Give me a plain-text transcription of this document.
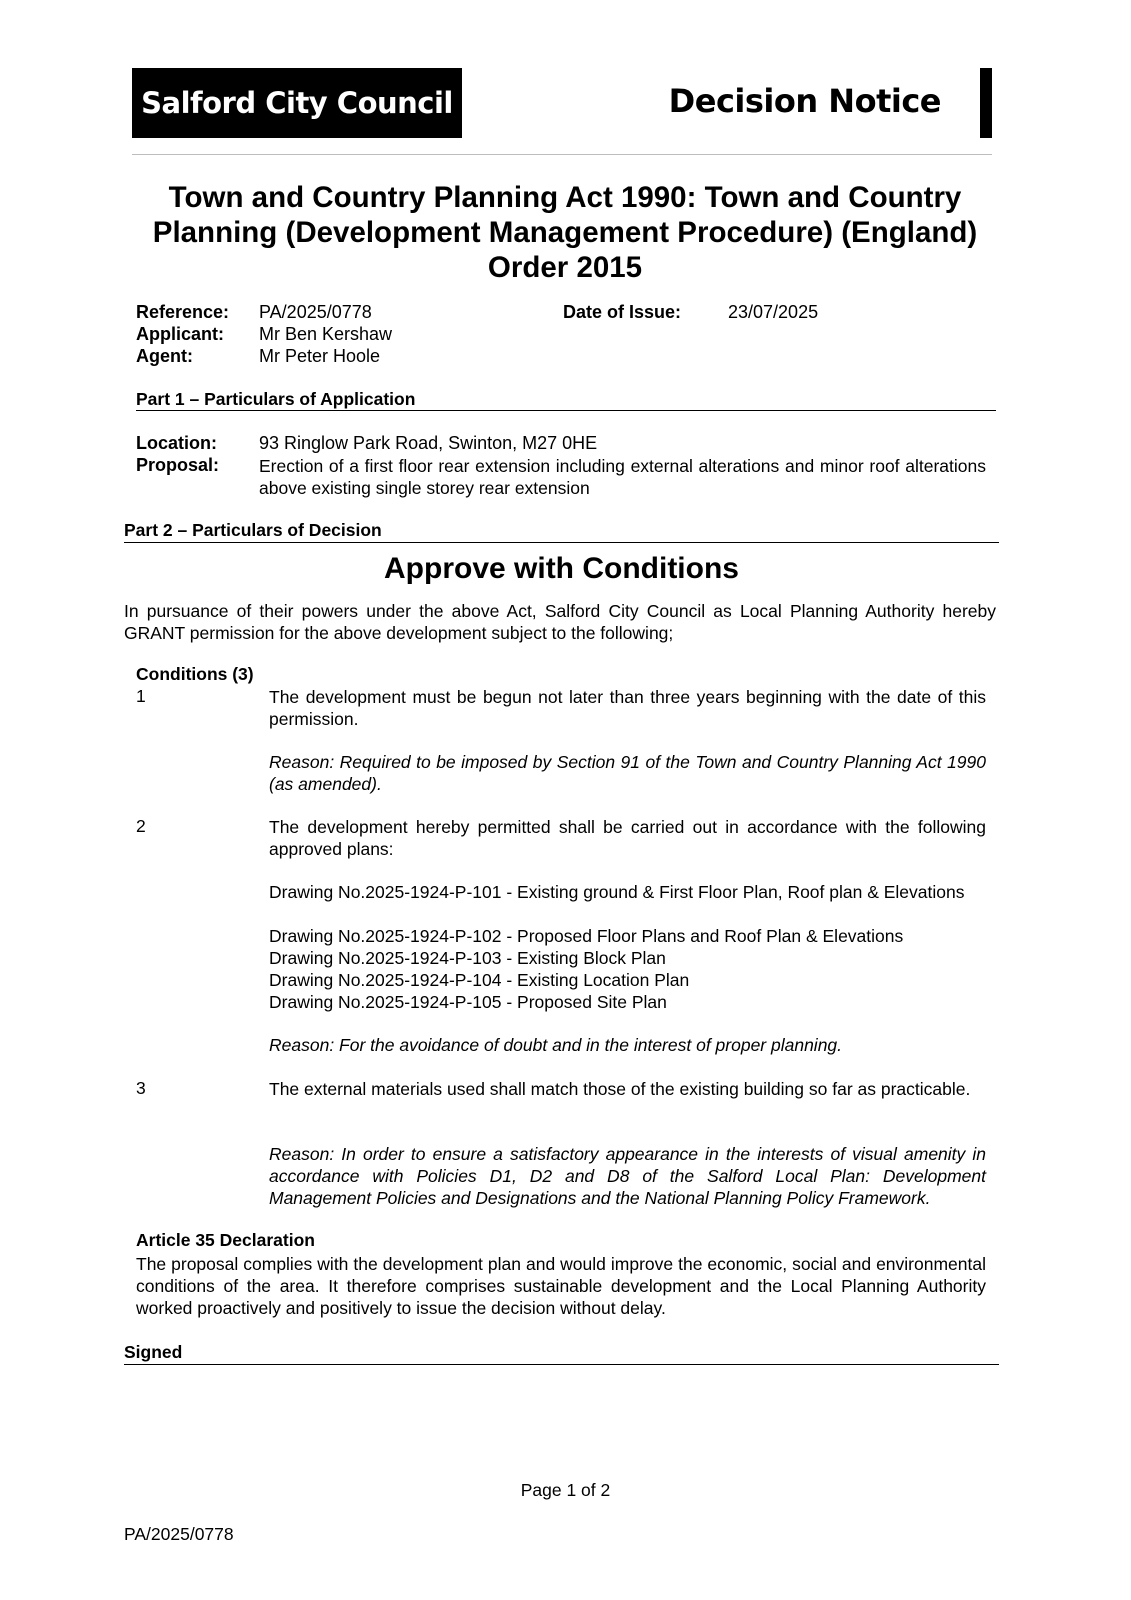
Salford City Council	Decision Notice
Town and Country Planning Act 1990: Town and Country Planning (Development Management Procedure) (England) Order 2015
Reference: PA/2025/0778	Date of Issue:	23/07/2025
Applicant: Mr Ben Kershaw
Agent:	Mr Peter Hoole
Part 1 – Particulars of Application
Location: 93 Ringlow Park Road, Swinton, M27 0HE
Proposal: Erection of a first floor rear extension including external alterations and minor roof alterations above existing single storey rear extension
Part 2 – Particulars of Decision
Approve with Conditions
In pursuance of their powers under the above Act, Salford City Council as Local Planning Authority hereby GRANT permission for the above development subject to the following;
Conditions (3)
1	The development must be begun not later than three years beginning with the date of this permission.
Reason: Required to be imposed by Section 91 of the Town and Country Planning Act 1990 (as amended).
2	The development hereby permitted shall be carried out in accordance with the following approved plans:
Drawing No.2025-1924-P-101 - Existing ground & First Floor Plan, Roof plan & Elevations
Drawing No.2025-1924-P-102 - Proposed Floor Plans and Roof Plan & Elevations
Drawing No.2025-1924-P-103 - Existing Block Plan
Drawing No.2025-1924-P-104 - Existing Location Plan
Drawing No.2025-1924-P-105 - Proposed Site Plan
Reason: For the avoidance of doubt and in the interest of proper planning.
3	The external materials used shall match those of the existing building so far as practicable.
Reason: In order to ensure a satisfactory appearance in the interests of visual amenity in accordance with Policies D1, D2 and D8 of the Salford Local Plan: Development Management Policies and Designations and the National Planning Policy Framework.
Article 35 Declaration
The proposal complies with the development plan and would improve the economic, social and environmental conditions of the area. It therefore comprises sustainable development and the Local Planning Authority worked proactively and positively to issue the decision without delay.
Signed
Page 1 of 2
PA/2025/0778
